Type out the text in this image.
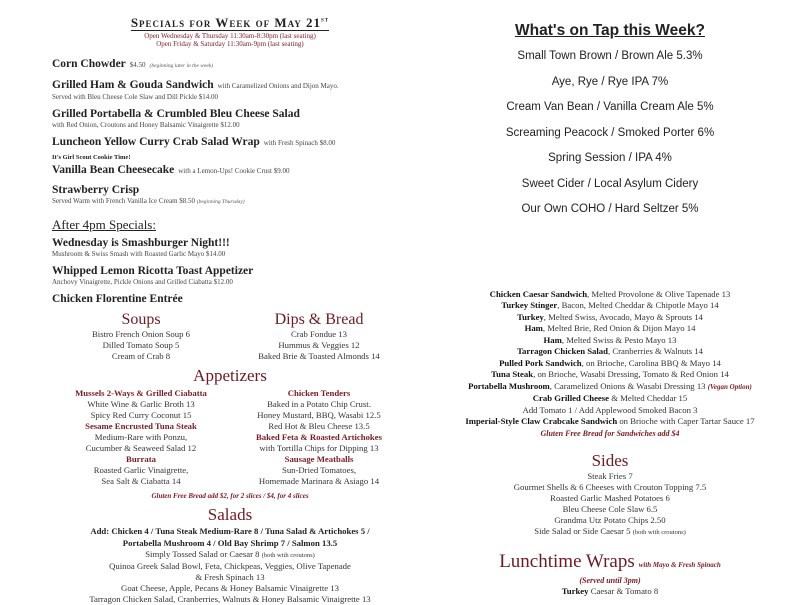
Specials for Week of May 21st
Open Wednesday & Thursday 11:30am-8:30pm (last seating)
Open Friday & Saturday 11:30am-9pm (last seating)
Corn Chowder $4.50 (beginning later in the week)
Grilled Ham & Gouda Sandwich with Caramelized Onions and Dijon Mayo.
Served with Bleu Cheese Cole Slaw and Dill Pickle $14.00
Grilled Portabella & Crumbled Bleu Cheese Salad
with Red Onion, Croutons and Honey Balsamic Vinaigrette $12.00
Luncheon Yellow Curry Crab Salad Wrap with Fresh Spinach $8.00
It's Girl Scout Cookie Time!
Vanilla Bean Cheesecake with a Lemon-Ups! Cookie Crust $9.00
Strawberry Crisp
Served Warm with French Vanilla Ice Cream $8.50 (beginning Thursday)
After 4pm Specials:
Wednesday is Smashburger Night!!!
Mushroom & Swiss Smash with Roasted Garlic Mayo $14.00
Whipped Lemon Ricotta Toast Appetizer
Anchovy Vinaigrette, Pickle Onions and Grilled Ciabatta $12.00
Chicken Florentine Entrée
Soups
Bistro French Onion Soup 6
Dilled Tomato Soup 5
Cream of Crab 8
Dips & Bread
Crab Fondue 13
Hummus & Veggies 12
Baked Brie & Toasted Almonds 14
Appetizers
Mussels 2-Ways & Grilled Ciabatta
White Wine & Garlic Broth 13
Spicy Red Curry Coconut 15
Sesame Encrusted Tuna Steak
Medium-Rare with Ponzu,
Cucumber & Seaweed Salad 12
Burrata
Roasted Garlic Vinaigrette,
Sea Salt & Ciabatta 14
Chicken Tenders
Baked in a Potato Chip Crust.
Honey Mustard, BBQ, Wasabi 12.5
Red Hot & Bleu Cheese 13.5
Baked Feta & Roasted Artichokes
with Tortilla Chips for Dipping 13
Sausage Meatballs
Sun-Dried Tomatoes,
Homemade Marinara & Asiago 14
Gluten Free Bread add $2, for 2 slices / $4, for 4 slices
Salads
Add: Chicken 4 / Tuna Steak Medium-Rare 8 / Tuna Salad & Artichokes 5 /
Portabella Mushroom 4 / Old Bay Shrimp 7 / Salmon 13.5
Simply Tossed Salad or Caesar 8 (both with croutons)
Quinoa Greek Salad Bowl, Feta, Chickpeas, Veggies, Olive Tapenade
& Fresh Spinach 13
Goat Cheese, Apple, Pecans & Honey Balsamic Vinaigrette 13
Tarragon Chicken Salad, Cranberries, Walnuts & Honey Balsamic Vinaigrette 13
What's on Tap this Week?
Small Town Brown / Brown Ale 5.3%
Aye, Rye / Rye IPA 7%
Cream Van Bean / Vanilla Cream Ale 5%
Screaming Peacock / Smoked Porter 6%
Spring Session / IPA 4%
Sweet Cider / Local Asylum Cidery
Our Own COHO / Hard Seltzer 5%
Chicken Caesar Sandwich, Melted Provolone & Olive Tapenade 13
Turkey Stinger, Bacon, Melted Cheddar & Chipotle Mayo 14
Turkey, Melted Swiss, Avocado, Mayo & Sprouts 14
Ham, Melted Brie, Red Onion & Dijon Mayo 14
Ham, Melted Swiss & Pesto Mayo 13
Tarragon Chicken Salad, Cranberries & Walnuts 14
Pulled Pork Sandwich, on Brioche, Carolina BBQ & Mayo 14
Tuna Steak, on Brioche, Wasabi Dressing, Tomato & Red Onion 14
Portabella Mushroom, Caramelized Onions & Wasabi Dressing 13 (Vegan Option)
Crab Grilled Cheese & Melted Cheddar 15
Add Tomato 1 / Add Applewood Smoked Bacon 3
Imperial-Style Claw Crabcake Sandwich on Brioche with Caper Tartar Sauce 17
Gluten Free Bread for Sandwiches add $4
Sides
Steak Fries 7
Gourmet Shells & 6 Cheeses with Crouton Topping 7.5
Roasted Garlic Mashed Potatoes 6
Bleu Cheese Cole Slaw 6.5
Grandma Utz Potato Chips 2.50
Side Salad or Side Caesar 5 (both with croutons)
Lunchtime Wraps with Mayo & Fresh Spinach
(Served until 3pm)
Turkey Caesar & Tomato 8
